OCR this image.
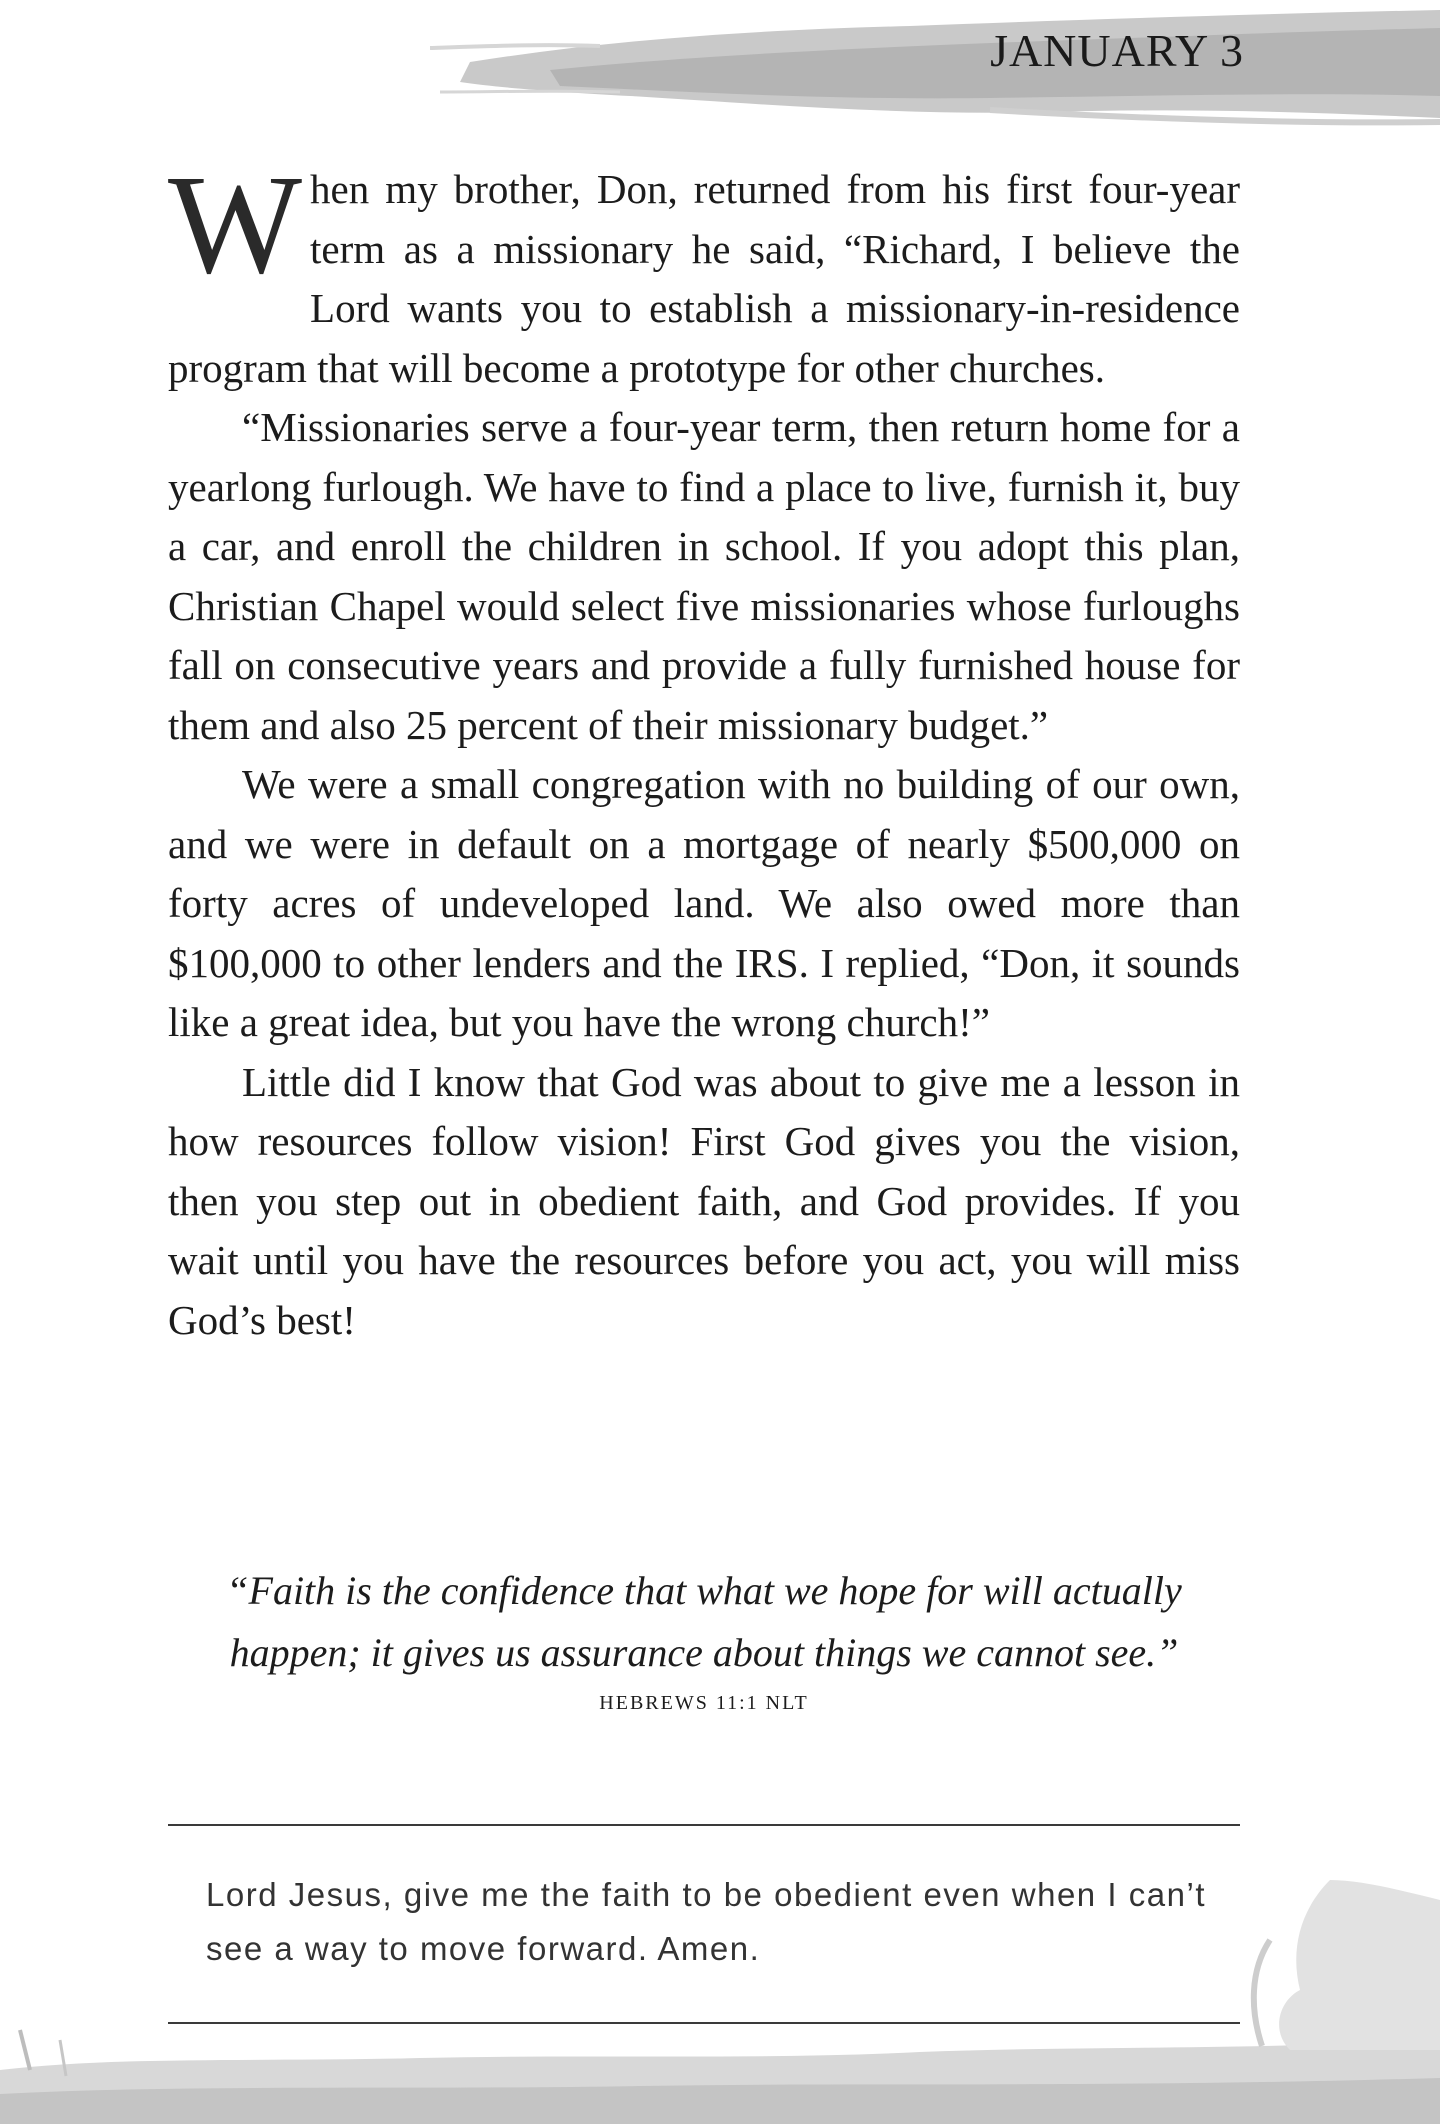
JANUARY 3

When my brother, Don, returned from his first four-year term as a missionary he said, “Richard, I believe the Lord wants you to establish a missionary-in-residence program that will become a prototype for other churches.

“Missionaries serve a four-year term, then return home for a yearlong furlough. We have to find a place to live, furnish it, buy a car, and enroll the children in school. If you adopt this plan, Christian Chapel would select five missionaries whose furloughs fall on consecutive years and provide a fully furnished house for them and also 25 percent of their missionary budget.”

We were a small congregation with no building of our own, and we were in default on a mortgage of nearly $500,000 on forty acres of undeveloped land. We also owed more than $100,000 to other lenders and the IRS. I replied, “Don, it sounds like a great idea, but you have the wrong church!”

Little did I know that God was about to give me a lesson in how resources follow vision! First God gives you the vision, then you step out in obedient faith, and God provides. If you wait until you have the resources before you act, you will miss God’s best!

“Faith is the confidence that what we hope for will actually happen; it gives us assurance about things we cannot see.”
HEBREWS 11:1 NLT
Lord Jesus, give me the faith to be obedient even when I can’t see a way to move forward. Amen.
